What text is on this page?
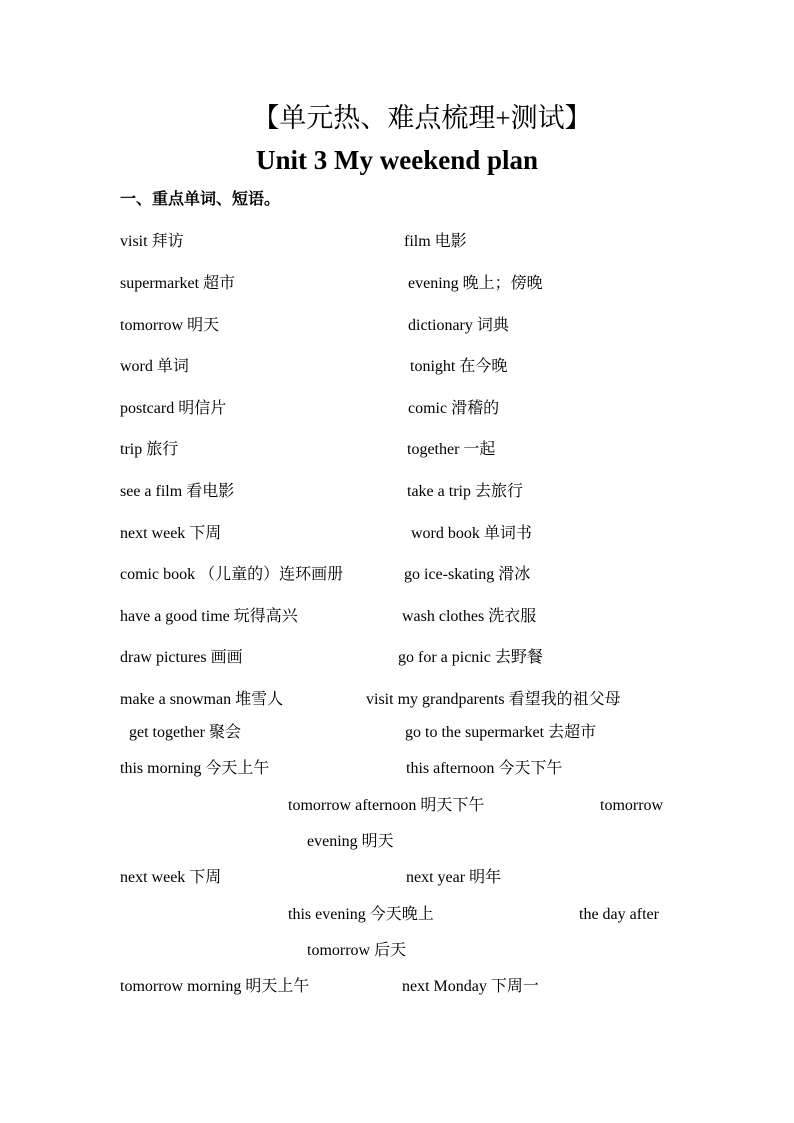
【单元热、难点梳理+测试】
Unit 3 My weekend plan
一、重点单词、短语。
visit 拜访	film 电影
supermarket 超市	evening 晚上；傍晚
tomorrow 明天	dictionary 词典
word 单词	tonight 在今晚
postcard 明信片	comic 滑稽的
trip 旅行	together 一起
see a film 看电影	take a trip 去旅行
next week 下周	word book 单词书
comic book （儿童的）连环画册	go ice-skating 滑冰
have a good time 玩得高兴	wash clothes 洗衣服
draw pictures 画画	go for a picnic 去野餐
make a snowman 堆雪人	visit my grandparents 看望我的祖父母
get together 聚会	go to the supermarket 去超市
this morning 今天上午	this afternoon 今天下午
tomorrow afternoon 明天下午	tomorrow
evening 明天
next week 下周	next year 明年
this evening 今天晚上	the day after
tomorrow 后天
tomorrow morning 明天上午	next Monday 下周一
